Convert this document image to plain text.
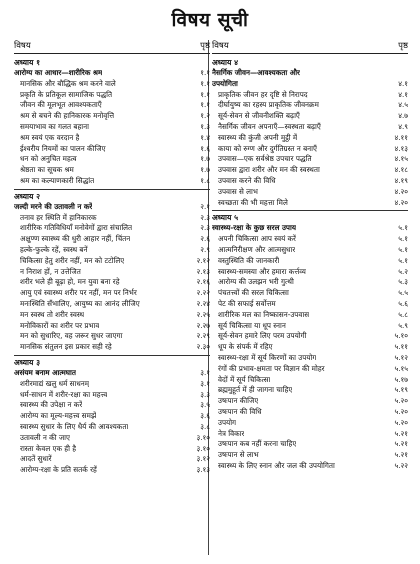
विषय सूची
विषय	पृष्ठ
अध्याय १
आरोग्य का आधार—शारीरिक श्रम	१.१
मानसिक और बौद्धिक श्रम करने वाले	१.१
प्रकृति के प्रतिकूल सामाजिक पद्धति	१.१
जीवन की मूलभूत आवश्यकताएँ	१.१
श्रम से बचने की हानिकारक मनोवृत्ति	१.२
समयाभाव का गलत बहाना	१.३
श्रम स्वयं एक वरदान है	१.४
ईश्वरीय नियमों का पालन कीजिए	१.६
धन को अनुचित महत्व	१.७
श्रेष्ठता का सूचक श्रम	१.७
श्रम का कल्याणकारी सिद्धांत	१.८
अध्याय २
जल्दी मरने की उतावली न करें	२.१
तनाव हर स्थिति में हानिकारक	२.३
शारीरिक गतिविधियाँ मनोवेगों द्वारा संचालित	२.३
अक्षुण्ण स्वास्थ्य की धुरी आहार नहीं, चिंतन	२.६
हल्के-फुल्के रहें, स्वस्थ बनें	२.९
चिकित्सा हेतु शरीर नहीं, मन को टटोलिए	२.१२
न निराश हों, न उत्तेजित	२.१३
शरीर भले ही बूढ़ा हो, मन युवा बना रहे	२.१६
आयु एवं स्वास्थ्य शरीर पर नहीं, मन पर निर्भर	२.२२
मनःस्थिति सँभालिए, आयुष्य का आनंद लीजिए	२.२४
मन स्वस्थ तो शरीर स्वस्थ	२.२५
मनोविकारों का शरीर पर प्रभाव	२.२७
मन को सुधारिए, वह जरूर सुधर जाएगा	२.२९
मानसिक संतुलन इस प्रकार सही रहे	२.३०
अध्याय ३
असंयम बनाम आत्मघात	३.१
शरीरमाद्यं खलु धर्म साधनम्	३.१
धर्म-साधन में शरीर-रक्षा का महत्त्व	३.३
स्वास्थ्य की उपेक्षा न करें	३.५
आरोग्य का मूल्य-महत्त्व समझें	३.६
स्वास्थ्य सुधार के लिए धैर्य की आवश्यकता	३.८
उतावली न की जाए	३.१०
रास्ता केवल एक ही है	३.१०
आदतें सुधारें	३.१२
आरोग्य-रक्षा के प्रति सतर्क रहें	३.१३
विषय	पृष्ठ
अध्याय ४
नैसर्गिक जीवन—आवश्यकता और
उपयोगिता	४.१
प्राकृतिक जीवन हर दृष्टि से निरापद	४.१
दीर्घायुष्य का रहस्य प्राकृतिक जीवनक्रम	४.५
सूर्य-सेवन से जीवनीशक्ति बढ़ाएँ	४.७
नैसर्गिक जीवन अपनाएँ—स्वस्थता बढ़ाएँ	४.९
स्वास्थ्य की कुंजी अपनी मुट्ठी में	४.११
काया को रुग्ण और दुर्गतिग्रस्त न बनाएँ	४.१३
उपवास—एक सर्वश्रेष्ठ उपचार पद्धति	४.१५
उपवास द्वारा शरीर और मन की स्वस्थता	४.१८
उपवास करने की विधि	४.१९
उपवास से लाभ	४.२०
स्वच्छता की भी महत्ता मिले	४.२०
अध्याय ५
स्वास्थ्य-रक्षा के कुछ सरल उपाय	५.१
अपनी चिकित्सा आप स्वयं करें	५.१
आत्मनिरीक्षण और आत्मसुधार	५.१
वस्तुस्थिति की जानकारी	५.१
स्वास्थ्य-समस्या और हमारा कर्त्तव्य	५.२
आरोग्य की उलझन भरी गुत्थी	५.३
पंचतत्त्वों की सरल चिकित्सा	५.५
पेट की सफाई सर्वोत्तम	५.६
शारीरिक मल का निष्कासन-उपवास	५.८
सूर्य चिकित्सा या धूप स्नान	५.९
सूर्य-सेवन हमारे लिए परम उपयोगी	५.१०
धूप के संपर्क में रहिए	५.११
स्वास्थ्य-रक्षा में सूर्य किरणों का उपयोग	५.१२
रंगों की प्रभाव-क्षमता पर विज्ञान की मोहर	५.१५
वेदों में सूर्य चिकित्सा	५.१७
ब्रह्ममुहूर्त में ही जागना चाहिए	५.१९
उषःपान कीजिए	५.२०
उषःपान की विधि	५.२०
उपयोग	५.२०
नेत्र विकार	५.२१
उषःपान कब नहीं करना चाहिए	५.२१
उषःपान से लाभ	५.२१
स्वास्थ्य के लिए स्नान और जल की उपयोगिता	५.२२
